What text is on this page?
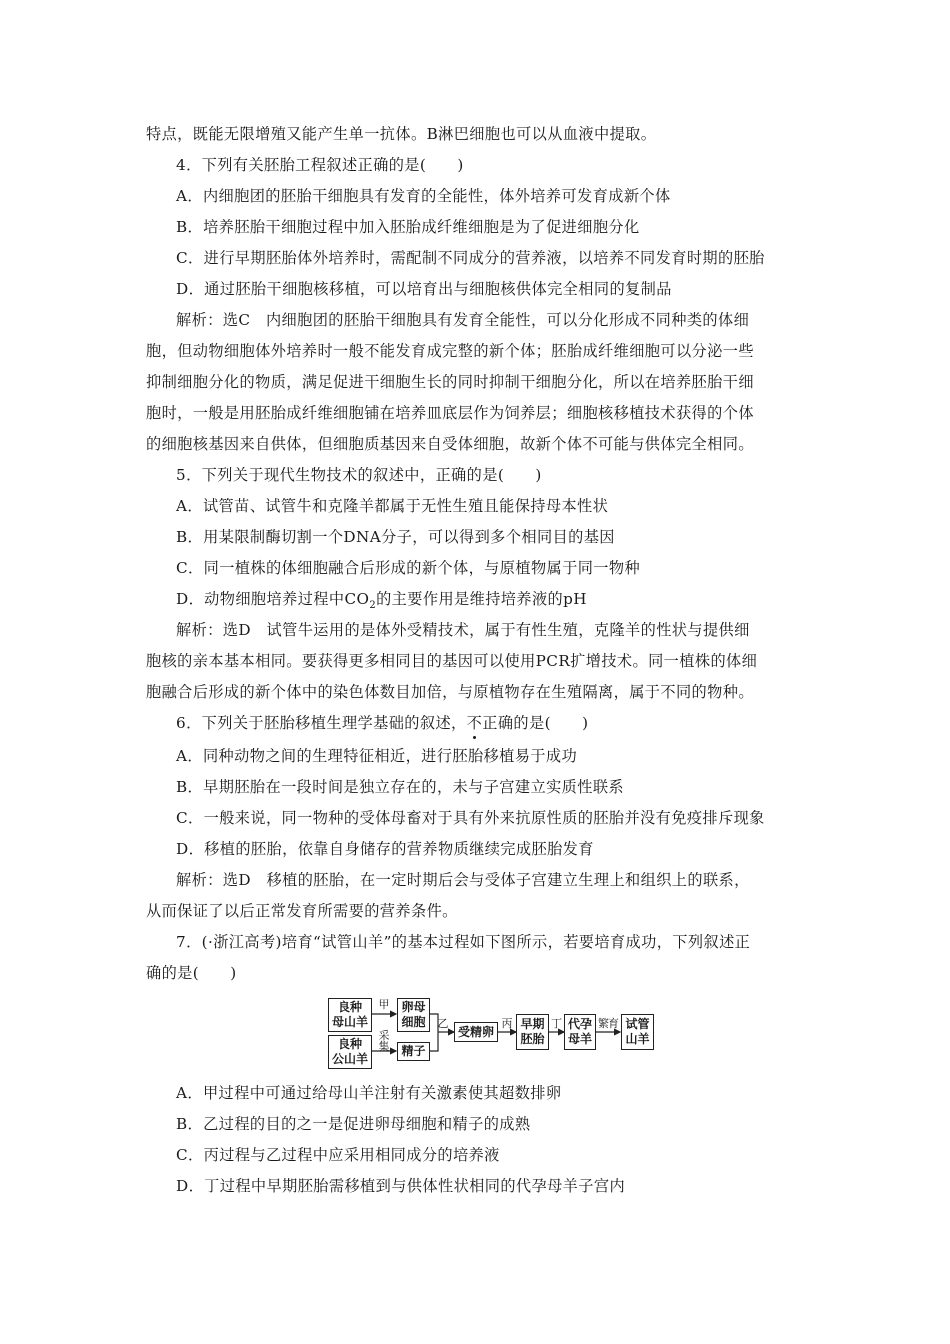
特点，既能无限增殖又能产生单一抗体。B淋巴细胞也可以从血液中提取。
4．下列有关胚胎工程叙述正确的是(　　)
A．内细胞团的胚胎干细胞具有发育的全能性，体外培养可发育成新个体
B．培养胚胎干细胞过程中加入胚胎成纤维细胞是为了促进细胞分化
C．进行早期胚胎体外培养时，需配制不同成分的营养液，以培养不同发育时期的胚胎
D．通过胚胎干细胞核移植，可以培育出与细胞核供体完全相同的复制品
解析：选C　内细胞团的胚胎干细胞具有发育全能性，可以分化形成不同种类的体细
胞，但动物细胞体外培养时一般不能发育成完整的新个体；胚胎成纤维细胞可以分泌一些
抑制细胞分化的物质，满足促进干细胞生长的同时抑制干细胞分化，所以在培养胚胎干细
胞时，一般是用胚胎成纤维细胞铺在培养皿底层作为饲养层；细胞核移植技术获得的个体
的细胞核基因来自供体，但细胞质基因来自受体细胞，故新个体不可能与供体完全相同。
5．下列关于现代生物技术的叙述中，正确的是(　　)
A．试管苗、试管牛和克隆羊都属于无性生殖且能保持母本性状
B．用某限制酶切割一个DNA分子，可以得到多个相同目的基因
C．同一植株的体细胞融合后形成的新个体，与原植物属于同一物种
D．动物细胞培养过程中$CO_2$的主要作用是维持培养液的pH
解析：选D　试管牛运用的是体外受精技术，属于有性生殖，克隆羊的性状与提供细
胞核的亲本基本相同。要获得更多相同目的基因可以使用PCR扩增技术。同一植株的体细
胞融合后形成的新个体中的染色体数目加倍，与原植物存在生殖隔离，属于不同的物种。
6．下列关于胚胎移植生理学基础的叙述，不正确的是(　　)
A．同种动物之间的生理特征相近，进行胚胎移植易于成功
B．早期胚胎在一段时间是独立存在的，未与子宫建立实质性联系
C．一般来说，同一物种的受体母畜对于具有外来抗原性质的胚胎并没有免疫排斥现象
D．移植的胚胎，依靠自身储存的营养物质继续完成胚胎发育
解析：选D　移植的胚胎，在一定时期后会与受体子宫建立生理上和组织上的联系，
从而保证了以后正常发育所需要的营养条件。
7．(·浙江高考)培育“试管山羊”的基本过程如下图所示，若要培育成功，下列叙述正
确的是(　　)
良种
母山羊
卵母
细胞
良种
公山羊
精子
受精卵
早期
胚胎
代孕
母羊
试管
山羊
甲
采
集
乙	丙	丁	繁育
A．甲过程中可通过给母山羊注射有关激素使其超数排卵
B．乙过程的目的之一是促进卵母细胞和精子的成熟
C．丙过程与乙过程中应采用相同成分的培养液
D．丁过程中早期胚胎需移植到与供体性状相同的代孕母羊子宫内
